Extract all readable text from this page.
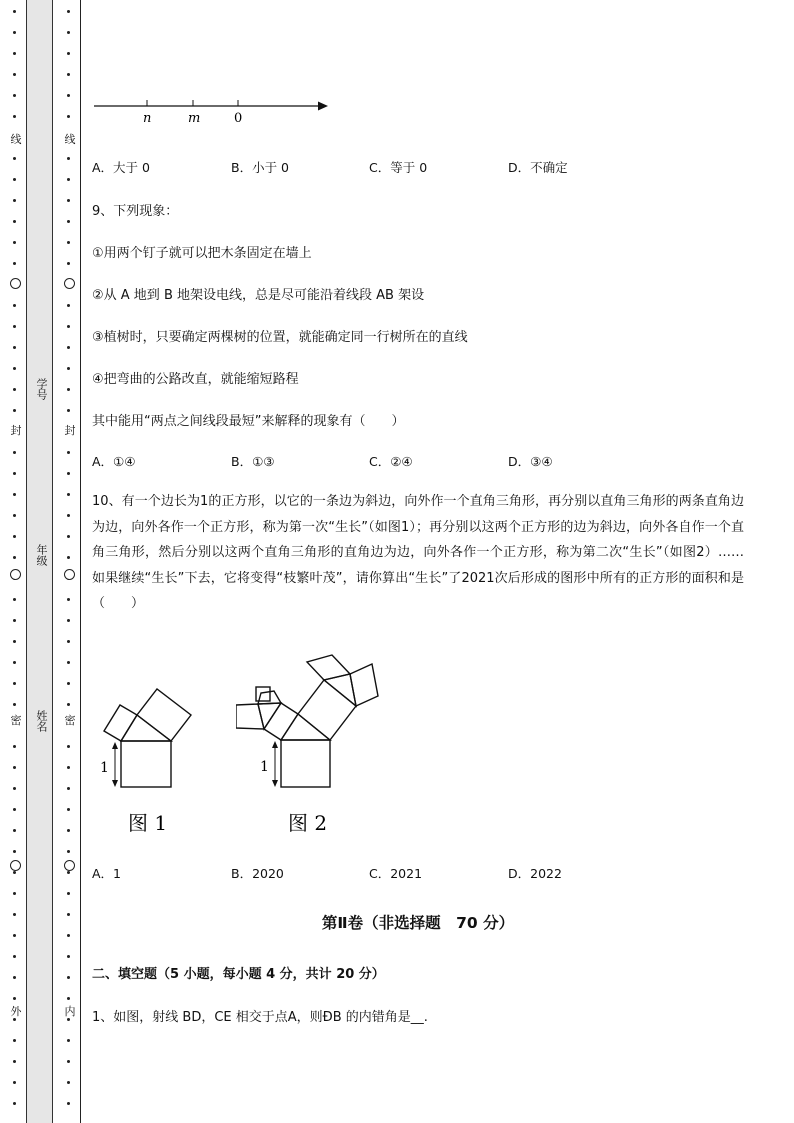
线
封
密
外
线
封
密
内
学号
年级
姓名
n	m	0
A．大于 0	B．小于 0	C．等于 0	D．不确定
9、下列现象：
①用两个钉子就可以把木条固定在墙上
②从 A 地到 B 地架设电线，总是尽可能沿着线段 AB 架设
③植树时，只要确定两棵树的位置，就能确定同一行树所在的直线
④把弯曲的公路改直，就能缩短路程
其中能用“两点之间线段最短”来解释的现象有（　　）
A．①④	B．①③	C．②④	D．③④
10、有一个边长为1的正方形，以它的一条边为斜边，向外作一个直角三角形，再分别以直角三角形的两条直角边为边，向外各作一个正方形，称为第一次“生长”（如图1）；再分别以这两个正方形的边为斜边，向外各自作一个直角三角形，然后分别以这两个直角三角形的直角边为边，向外各作一个正方形，称为第二次“生长”（如图2）……如果继续“生长”下去，它将变得“枝繁叶茂”，请你算出“生长”了2021次后形成的图形中所有的正方形的面积和是（　　）
1
图 1
1
图 2
A．1	B．2020	C．2021	D．2022
第Ⅱ卷（非选择题　70 分）
二、填空题（5 小题，每小题 4 分，共计 20 分）
1、如图，射线 BD，CE 相交于点A，则ÐB 的内错角是__.
